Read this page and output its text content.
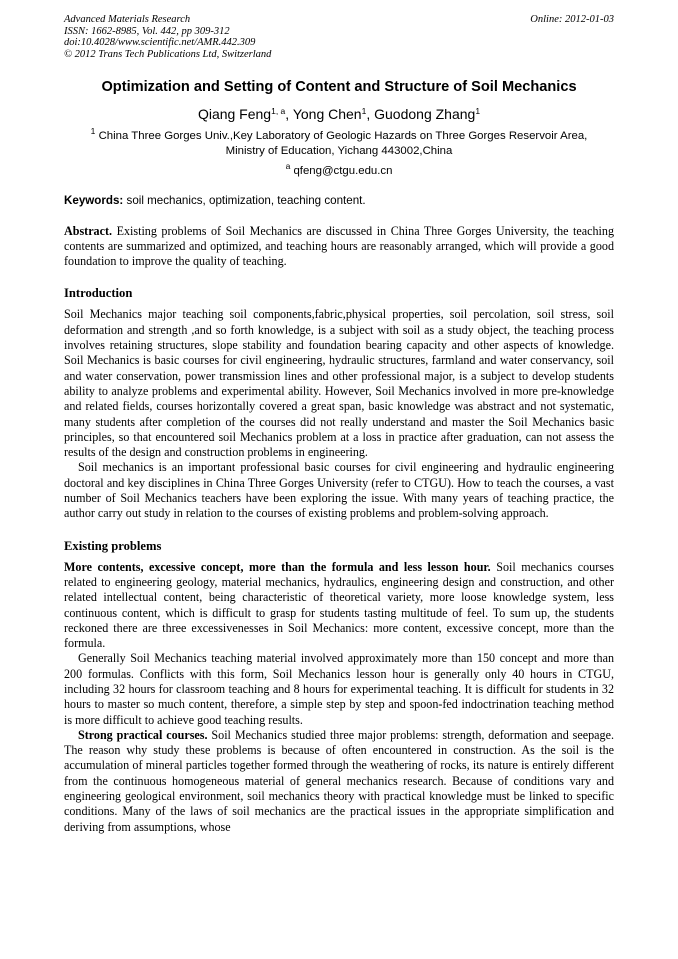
Advanced Materials Research
ISSN: 1662-8985, Vol. 442, pp 309-312
doi:10.4028/www.scientific.net/AMR.442.309
© 2012 Trans Tech Publications Ltd, Switzerland
Online: 2012-01-03
Optimization and Setting of Content and Structure of Soil Mechanics
Qiang Feng$^{1, a}$, Yong Chen$^1$, Guodong Zhang$^1$
$^1$ China Three Gorges Univ.,Key Laboratory of Geologic Hazards on Three Gorges Reservoir Area,
Ministry of Education, Yichang 443002,China
$^a$ qfeng@ctgu.edu.cn
Keywords: soil mechanics, optimization, teaching content.

Abstract. Existing problems of Soil Mechanics are discussed in China Three Gorges University, the teaching contents are summarized and optimized, and teaching hours are reasonably arranged, which will provide a good foundation to improve the quality of teaching.

Introduction

Soil Mechanics major teaching soil components,fabric,physical properties, soil percolation, soil stress, soil deformation and strength ,and so forth knowledge, is a subject with soil as a study object, the teaching process involves retaining structures, slope stability and foundation bearing capacity and other aspects of knowledge. Soil Mechanics is basic courses for civil engineering, hydraulic structures, farmland and water conservancy, soil and water conservation, power transmission lines and other professional major, is a subject to develop students ability to analyze problems and experimental ability. However, Soil Mechanics involved in more pre-knowledge and related fields, courses horizontally covered a great span, basic knowledge was abstract and not systematic, many students after completion of the courses did not really understand and master the Soil Mechanics basic principles, so that encountered soil Mechanics problem at a loss in practice after graduation, can not assess the results of the design and construction problems in engineering.

Soil mechanics is an important professional basic courses for civil engineering and hydraulic engineering doctoral and key disciplines in China Three Gorges University (refer to CTGU). How to teach the courses, a vast number of Soil Mechanics teachers have been exploring the issue. With many years of teaching practice, the author carry out study in relation to the courses of existing problems and problem-solving approach.

Existing problems

More contents, excessive concept, more than the formula and less lesson hour. Soil mechanics courses related to engineering geology, material mechanics, hydraulics, engineering design and construction, and other related intellectual content, being characteristic of theoretical variety, more loose knowledge system, less continuous content, which is difficult to grasp for students tasting multitude of feel. To sum up, the students reckoned there are three excessivenesses in Soil Mechanics: more content, excessive concept, more than the formula.

Generally Soil Mechanics teaching material involved approximately more than 150 concept and more than 200 formulas. Conflicts with this form, Soil Mechanics lesson hour is generally only 40 hours in CTGU, including 32 hours for classroom teaching and 8 hours for experimental teaching. It is difficult for students in 32 hours to master so much content, therefore, a simple step by step and spoon-fed indoctrination teaching method is more difficult to achieve good teaching results.

Strong practical courses. Soil Mechanics studied three major problems: strength, deformation and seepage. The reason why study these problems is because of often encountered in construction. As the soil is the accumulation of mineral particles together formed through the weathering of rocks, its nature is entirely different from the continuous homogeneous material of general mechanics research. Because of conditions vary and engineering geological environment, soil mechanics theory with practical knowledge must be linked to specific conditions. Many of the laws of soil mechanics are the practical issues in the appropriate simplification and deriving from assumptions, whose
